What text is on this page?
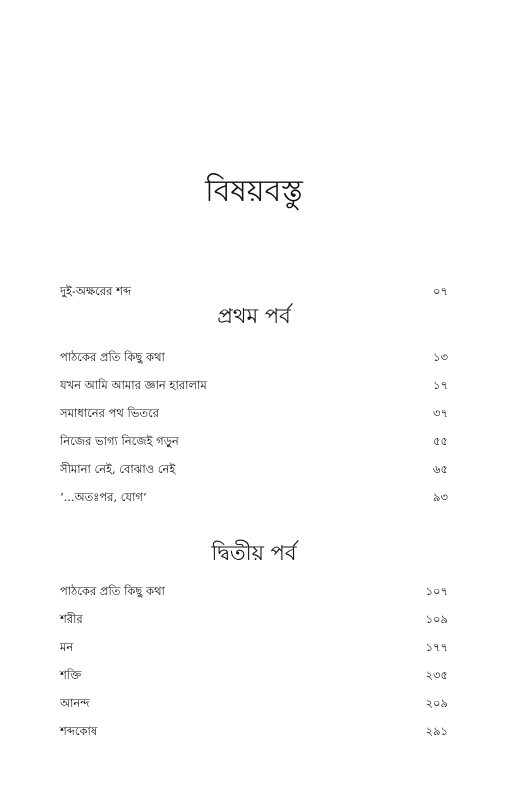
বিষয়বস্তু
দুই-অক্ষরের শব্দ	০৭
প্রথম পর্ব
পাঠকের প্রতি কিছু কথা	১৩
যখন আমি আমার জ্ঞান হারালাম	১৭
সমাধানের পথ ভিতরে	৩৭
নিজের ভাগ্য নিজেই গড়ুন	৫৫
সীমানা নেই, বোঝাও নেই	৬৫
‘...অতঃপর, যোগ’	৯৩
দ্বিতীয় পর্ব
পাঠকের প্রতি কিছু কথা	১০৭
শরীর	১০৯
মন	১৭৭
শক্তি	২৩৫
আনন্দ	২০৯
শব্দকোষ	২৯১
